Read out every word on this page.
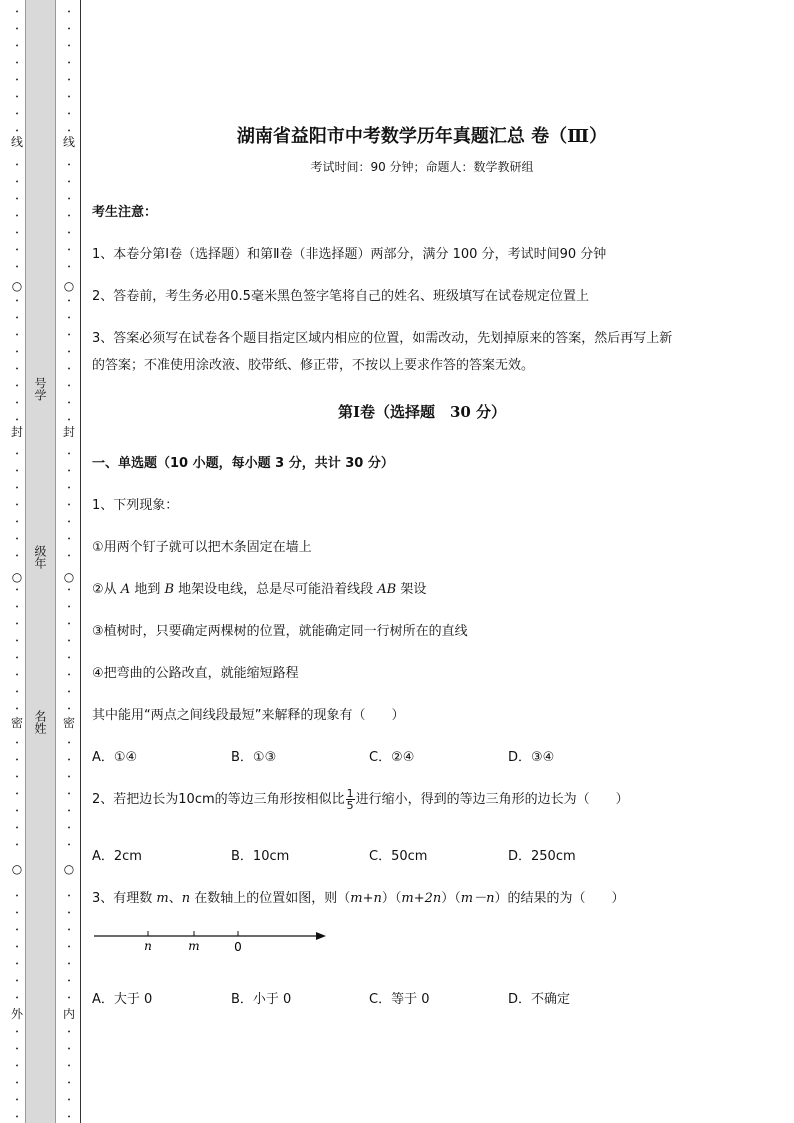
•
•
•
•
•
•
•
•
•
•
•
•
•
•
•
•
•
•
•
•
•
•
•
•
•
•
•
•
•
•
•
•
•
•
•
•
•
•
•
•
•
•
•
•
•
•
•
•
•
•
•
•
•
•
•
•
•
•
线
○
封
○
密
○
外
•
•
•
•
•
•
•
•
•
•
•
•
•
•
•
•
•
•
•
•
•
•
•
•
•
•
•
•
•
•
•
•
•
•
•
•
•
•
•
•
•
•
•
•
•
•
•
•
•
•
•
•
•
•
•
•
•
•
线
○
封
○
密
○
内
号学
级年
名姓
湖南省益阳市中考数学历年真题汇总 卷（Ⅲ）
考试时间：90 分钟；命题人：数学教研组
考生注意：
1、本卷分第Ⅰ卷（选择题）和第Ⅱ卷（非选择题）两部分，满分 100 分，考试时间90 分钟
2、答卷前，考生务必用0.5毫米黑色签字笔将自己的姓名、班级填写在试卷规定位置上
3、答案必须写在试卷各个题目指定区域内相应的位置，如需改动，先划掉原来的答案，然后再写上新
的答案；不准使用涂改液、胶带纸、修正带，不按以上要求作答的答案无效。
第Ⅰ卷（选择题　30 分）
一、单选题（10 小题，每小题 3 分，共计 30 分）
1、下列现象：
①用两个钉子就可以把木条固定在墙上
②从 A 地到 B 地架设电线，总是尽可能沿着线段 AB 架设
③植树时，只要确定两棵树的位置，就能确定同一行树所在的直线
④把弯曲的公路改直，就能缩短路程
其中能用“两点之间线段最短”来解释的现象有（　　）
A．①④	B．①③	C．②④	D．③④
2、若把边长为10cm的等边三角形按相似比 $\frac{1}{5}$ 进行缩小，得到的等边三角形的边长为（　　）
A．2cm	B．10cm	C．50cm	D．250cm
3、有理数 m、n 在数轴上的位置如图，则（m+n）（m+2n）（m－n）的结果的为（　　）
n	m	0
A．大于 0	B．小于 0	C．等于 0	D．不确定
